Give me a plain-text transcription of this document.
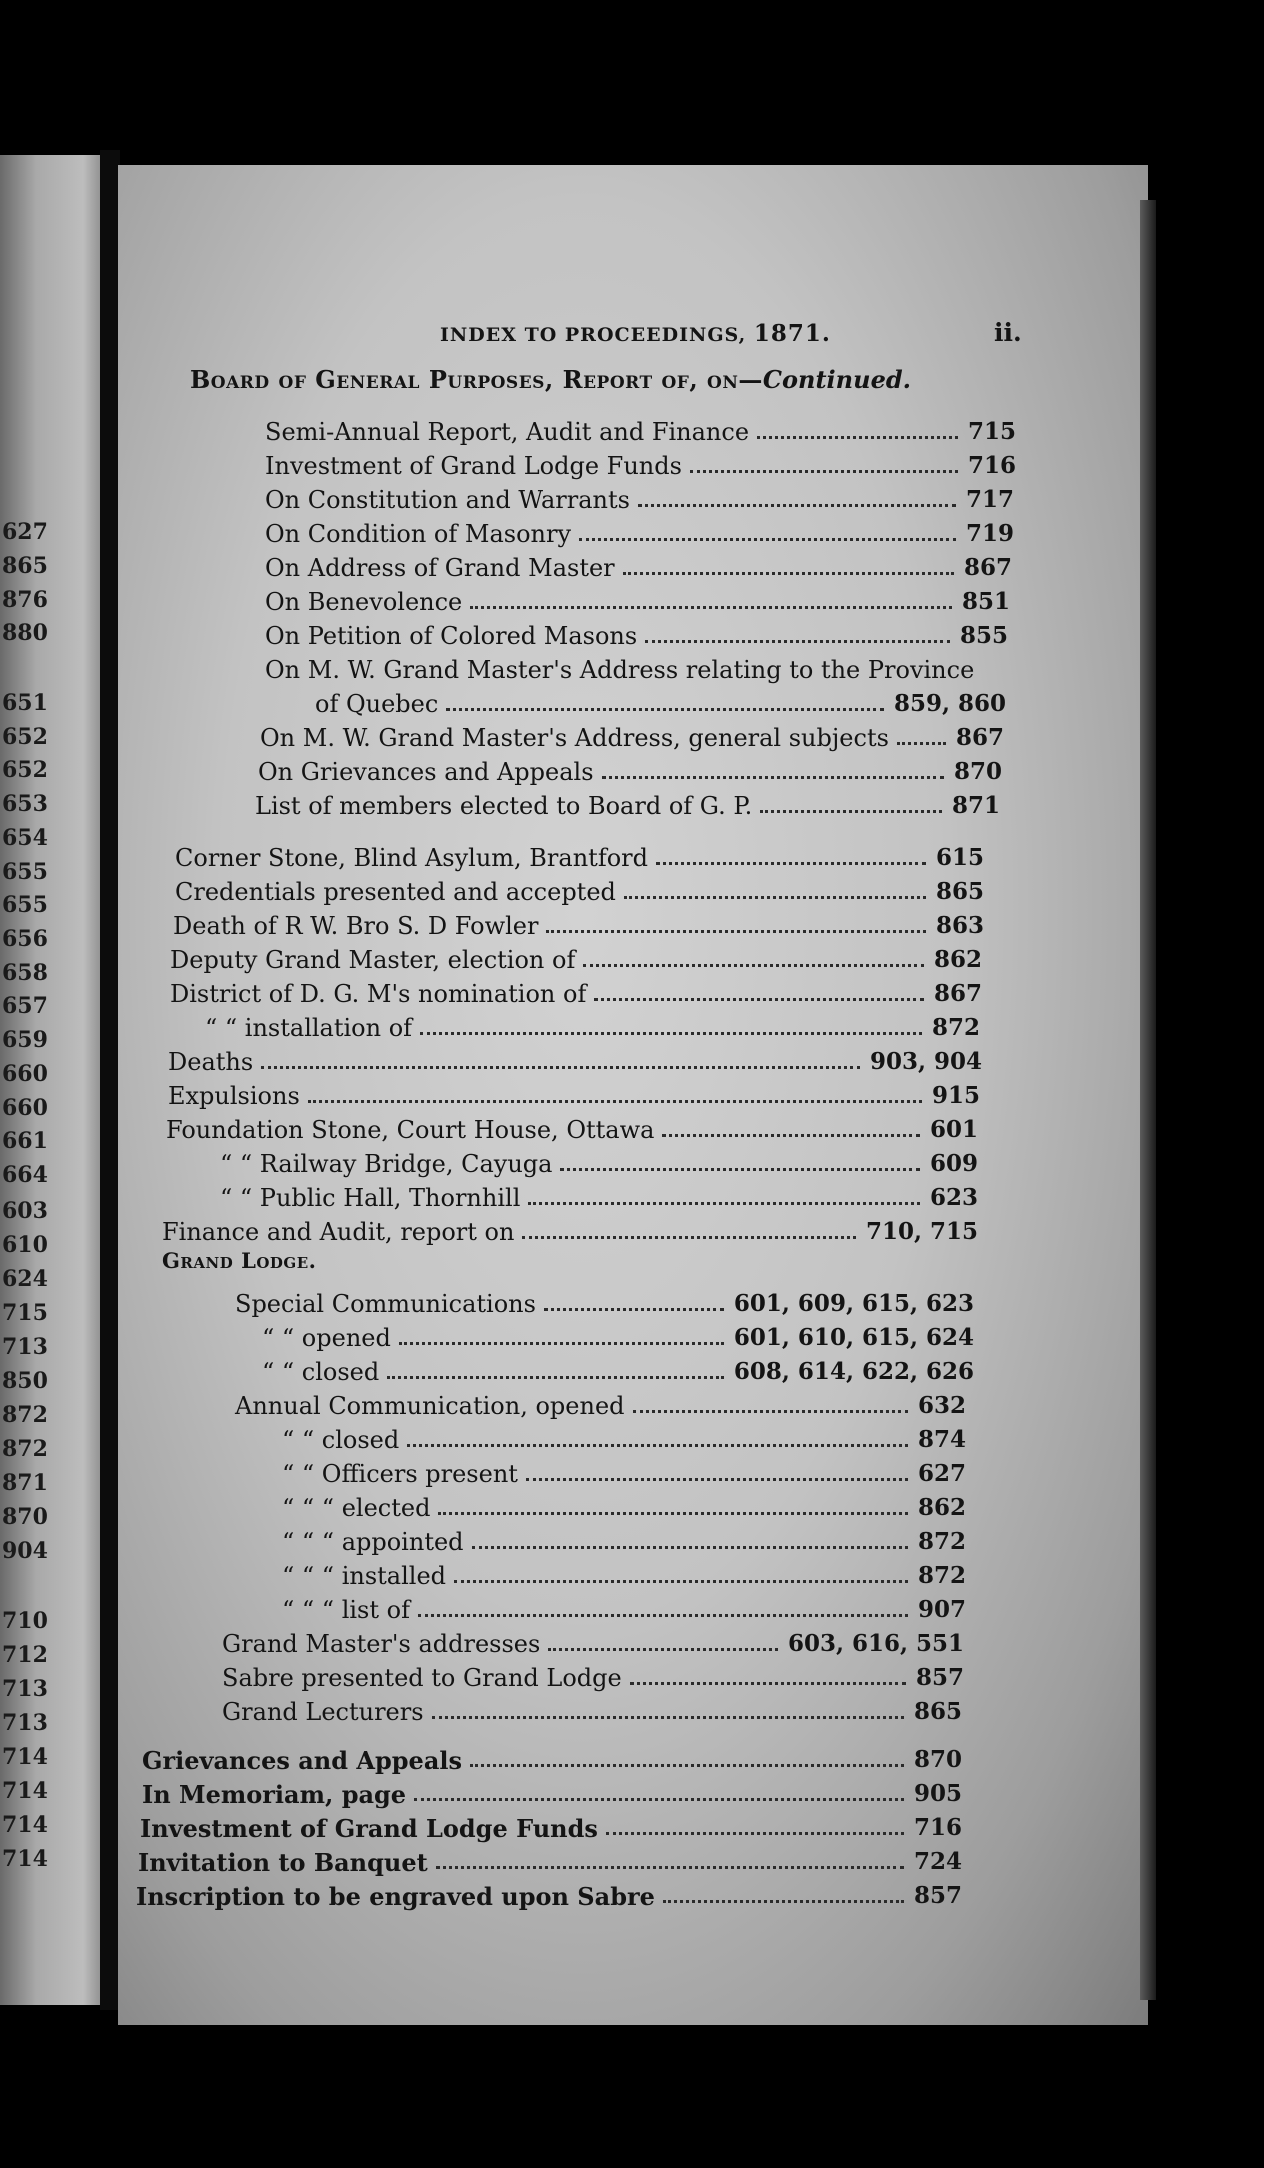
627
865
876
880
651
652
652
653
654
655
655
656
658
657
659
660
660
661
664
603
610
624
715
713
850
872
872
871
870
904
710
712
713
713
714
714
714
714
INDEX TO PROCEEDINGS, 1871.	ii.
Board of General Purposes, Report of, on—Continued.
Grand Lodge.
Semi-Annual Report, Audit and Finance	715
Investment of Grand Lodge Funds	716
On Constitution and Warrants	717
On Condition of Masonry	719
On Address of Grand Master	867
On Benevolence	851
On Petition of Colored Masons	855
On M. W. Grand Master's Address relating to the Province
of Quebec	859, 860
On M. W. Grand Master's Address, general subjects	867
On Grievances and Appeals	870
List of members elected to Board of G. P.	871
Corner Stone, Blind Asylum, Brantford	615
Credentials presented and accepted	865
Death of R W. Bro S. D Fowler	863
Deputy Grand Master, election of	862
District of D. G. M's nomination of	867
“ “ installation of	872
Deaths	903, 904
Expulsions	915
Foundation Stone, Court House, Ottawa	601
“ “ Railway Bridge, Cayuga	609
“ “ Public Hall, Thornhill	623
Finance and Audit, report on	710, 715
Special Communications	601, 609, 615, 623
“ “ opened	601, 610, 615, 624
“ “ closed	608, 614, 622, 626
Annual Communication, opened	632
“ “ closed	874
“ “ Officers present	627
“ “ “ elected	862
“ “ “ appointed	872
“ “ “ installed	872
“ “ “ list of	907
Grand Master's addresses	603, 616, 551
Sabre presented to Grand Lodge	857
Grand Lecturers	865
Grievances and Appeals	870
In Memoriam, page	905
Investment of Grand Lodge Funds	716
Invitation to Banquet	724
Inscription to be engraved upon Sabre	857
